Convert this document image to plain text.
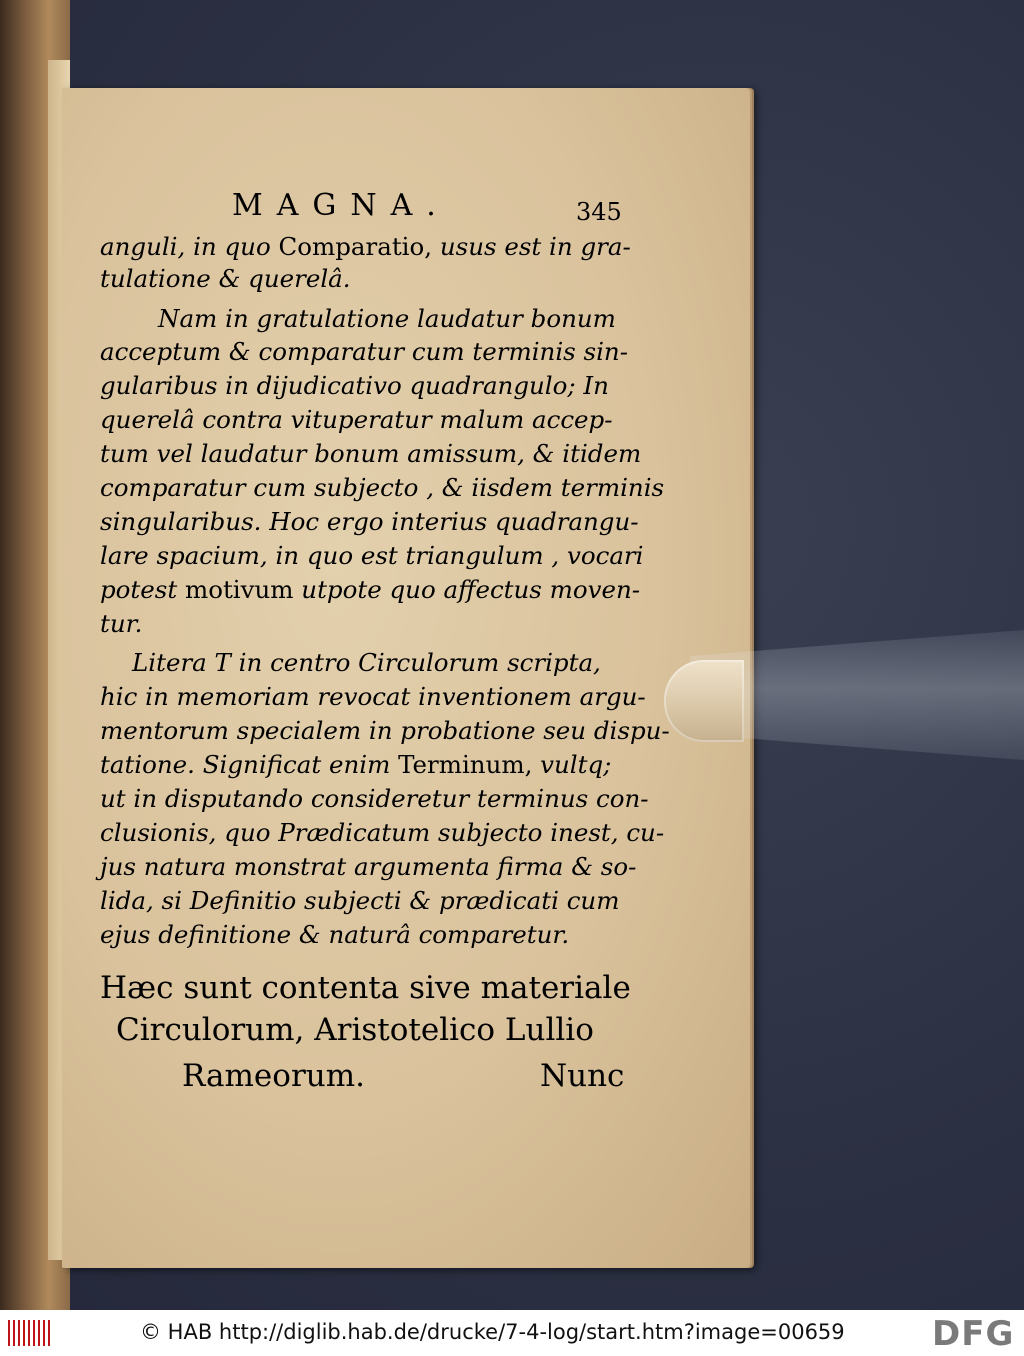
MAGNA.	345
anguli, in quo Comparatio, usus est in gra-
tulatione & querelâ.
Nam in gratulatione laudatur bonum
acceptum & comparatur cum terminis sin-
gularibus in dijudicativo quadrangulo; In
querelâ contra vituperatur malum accep-
tum vel laudatur bonum amissum, & itidem
comparatur cum subjecto , & iisdem terminis
singularibus. Hoc ergo interius quadrangu-
lare spacium, in quo est triangulum , vocari
potest motivum utpote quo affectus moven-
tur.
Litera T in centro Circulorum scripta,
hic in memoriam revocat inventionem argu-
mentorum specialem in probatione seu dispu-
tatione. Significat enim Terminum, vultq;
ut in disputando consideretur terminus con-
clusionis, quo Prædicatum subjecto inest, cu-
jus natura monstrat argumenta firma & so-
lida, si Definitio subjecti & prædicati cum
ejus definitione & naturâ comparetur.
Hæc sunt contenta sive materiale
Circulorum, Aristotelico Lullio
Rameorum.	Nunc
© HAB http://diglib.hab.de/drucke/7-4-log/start.htm?image=00659	DFG
